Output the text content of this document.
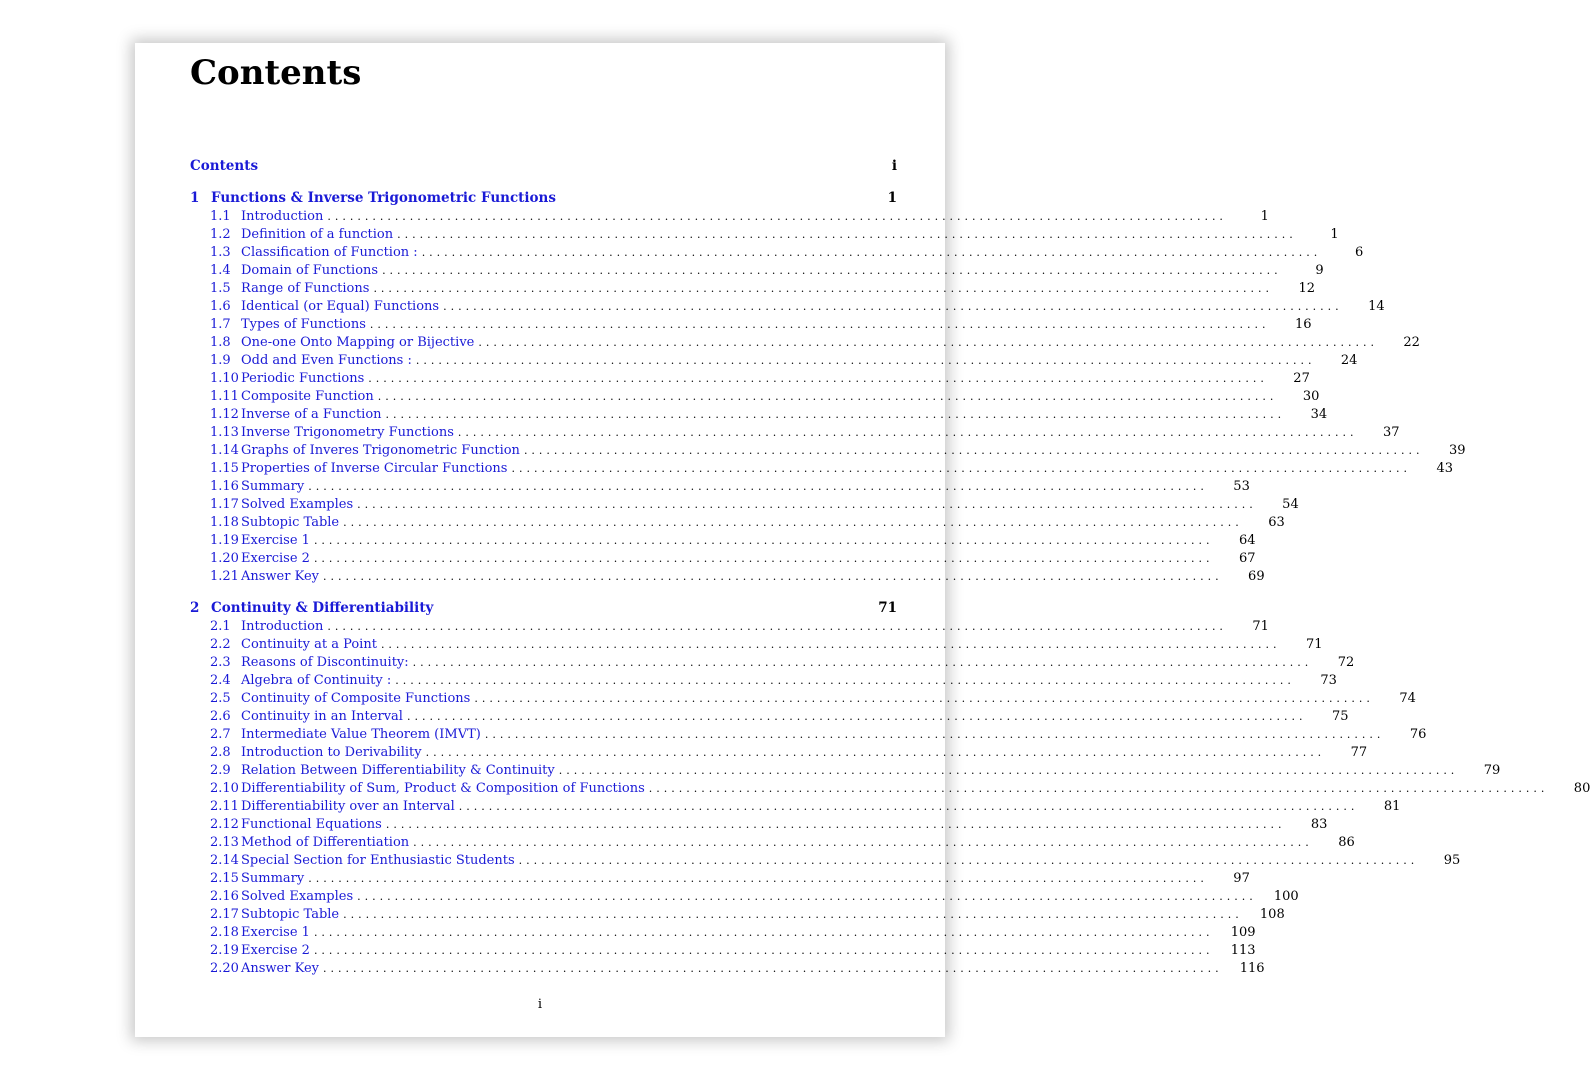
Contents
Contents	i
1 Functions & Inverse Trigonometric Functions	1
1.1 Introduction ........................................................................................................................	1
1.2 Definition of a function ........................................................................................................................	1
1.3 Classification of Function : ........................................................................................................................	6
1.4 Domain of Functions ........................................................................................................................	9
1.5 Range of Functions ........................................................................................................................	12
1.6 Identical (or Equal) Functions ........................................................................................................................	14
1.7 Types of Functions ........................................................................................................................	16
1.8 One-one Onto Mapping or Bijective ........................................................................................................................	22
1.9 Odd and Even Functions : ........................................................................................................................	24
1.10 Periodic Functions ........................................................................................................................	27
1.11 Composite Function ........................................................................................................................	30
1.12 Inverse of a Function ........................................................................................................................	34
1.13 Inverse Trigonometry Functions ........................................................................................................................	37
1.14 Graphs of Inveres Trigonometric Function ........................................................................................................................	39
1.15 Properties of Inverse Circular Functions ........................................................................................................................	43
1.16 Summary ........................................................................................................................	53
1.17 Solved Examples ........................................................................................................................	54
1.18 Subtopic Table ........................................................................................................................	63
1.19 Exercise 1 ........................................................................................................................	64
1.20 Exercise 2 ........................................................................................................................	67
1.21 Answer Key ........................................................................................................................	69
2 Continuity & Differentiability	71
2.1 Introduction ........................................................................................................................	71
2.2 Continuity at a Point ........................................................................................................................	71
2.3 Reasons of Discontinuity: ........................................................................................................................	72
2.4 Algebra of Continuity : ........................................................................................................................	73
2.5 Continuity of Composite Functions ........................................................................................................................	74
2.6 Continuity in an Interval ........................................................................................................................	75
2.7 Intermediate Value Theorem (IMVT) ........................................................................................................................	76
2.8 Introduction to Derivability ........................................................................................................................	77
2.9 Relation Between Differentiability & Continuity ........................................................................................................................	79
2.10 Differentiability of Sum, Product & Composition of Functions ........................................................................................................................	80
2.11 Differentiability over an Interval ........................................................................................................................	81
2.12 Functional Equations ........................................................................................................................	83
2.13 Method of Differentiation ........................................................................................................................	86
2.14 Special Section for Enthusiastic Students ........................................................................................................................	95
2.15 Summary ........................................................................................................................	97
2.16 Solved Examples ........................................................................................................................	100
2.17 Subtopic Table ........................................................................................................................	108
2.18 Exercise 1 ........................................................................................................................	109
2.19 Exercise 2 ........................................................................................................................	113
2.20 Answer Key ........................................................................................................................	116
i
